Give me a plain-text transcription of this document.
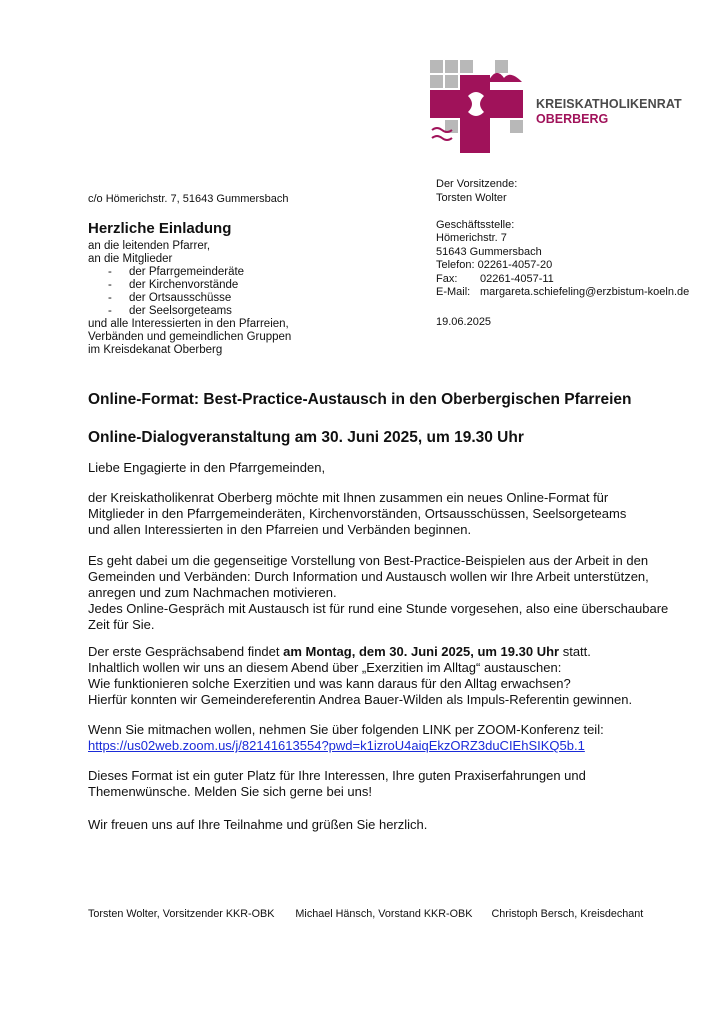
KREISKATHOLIKENRAT
OBERBERG
c/o Hömerichstr. 7, 51643 Gummersbach
Herzliche Einladung
an die leitenden Pfarrer,
an die Mitglieder
- der Pfarrgemeinderäte
- der Kirchenvorstände
- der Ortsausschüsse
- der Seelsorgeteams
und alle Interessierten in den Pfarreien,
Verbänden und gemeindlichen Gruppen
im Kreisdekanat Oberberg
Der Vorsitzende:
Torsten Wolter
Geschäftsstelle:
Hömerichstr. 7
51643 Gummersbach
Telefon: 02261-4057-20
Fax: 02261-4057-11
E-Mail: margareta.schiefeling@erzbistum-koeln.de
19.06.2025
Online-Format: Best-Practice-Austausch in den Oberbergischen Pfarreien
Online-Dialogveranstaltung am 30. Juni 2025, um 19.30 Uhr
Liebe Engagierte in den Pfarrgemeinden,
der Kreiskatholikenrat Oberberg möchte mit Ihnen zusammen ein neues Online-Format für
Mitglieder in den Pfarrgemeinderäten, Kirchenvorständen, Ortsausschüssen, Seelsorgeteams
und allen Interessierten in den Pfarreien und Verbänden beginnen.
Es geht dabei um die gegenseitige Vorstellung von Best-Practice-Beispielen aus der Arbeit in den
Gemeinden und Verbänden: Durch Information und Austausch wollen wir Ihre Arbeit unterstützen,
anregen und zum Nachmachen motivieren.
Jedes Online-Gespräch mit Austausch ist für rund eine Stunde vorgesehen, also eine überschaubare
Zeit für Sie.
Der erste Gesprächsabend findet am Montag, dem 30. Juni 2025, um 19.30 Uhr statt.
Inhaltlich wollen wir uns an diesem Abend über „Exerzitien im Alltag“ austauschen:
Wie funktionieren solche Exerzitien und was kann daraus für den Alltag erwachsen?
Hierfür konnten wir Gemeindereferentin Andrea Bauer-Wilden als Impuls-Referentin gewinnen.
Wenn Sie mitmachen wollen, nehmen Sie über folgenden LINK per ZOOM-Konferenz teil:
https://us02web.zoom.us/j/82141613554?pwd=k1izroU4aiqEkzORZ3duCIEhSIKQ5b.1
Dieses Format ist ein guter Platz für Ihre Interessen, Ihre guten Praxiserfahrungen und
Themenwünsche. Melden Sie sich gerne bei uns!
Wir freuen uns auf Ihre Teilnahme und grüßen Sie herzlich.
Torsten Wolter, Vorsitzender KKR-OBK Michael Hänsch, Vorstand KKR-OBK Christoph Bersch, Kreisdechant
